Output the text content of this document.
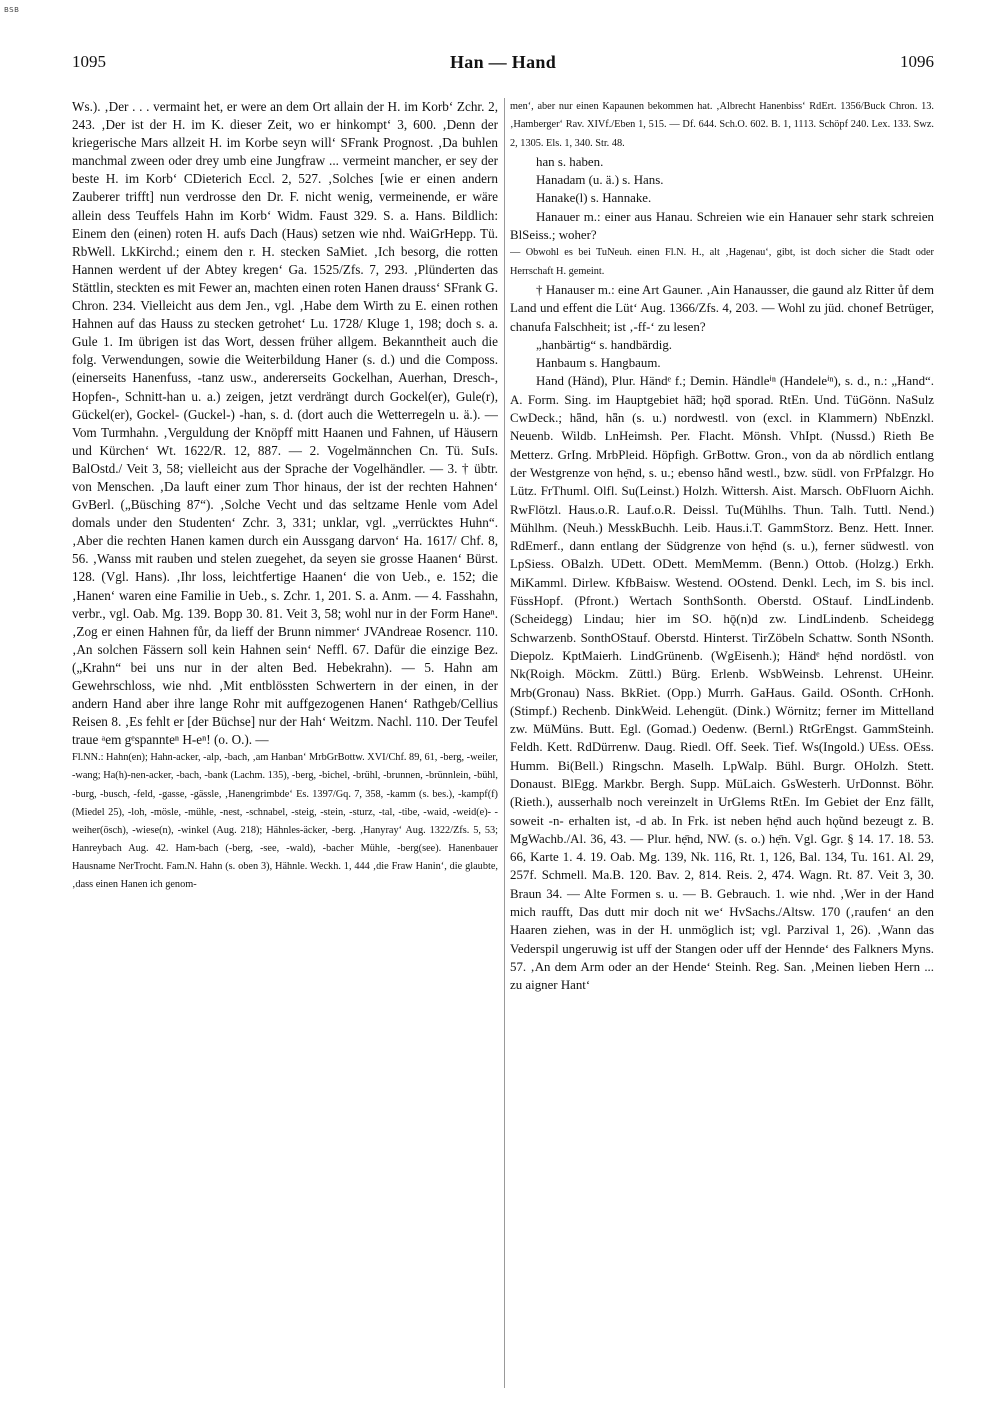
BSB
1095	Han — Hand	1096

Ws.). ‚Der . . . vermaint het, er were an dem Ort allain der H. im Korb‘ Zchr. 2, 243. ‚Der ist der H. im K. dieser Zeit, wo er hinkompt‘ 3, 600. ‚Denn der kriegerische Mars allzeit H. im Korbe seyn will‘ SFrank Prognost. ‚Da buhlen manchmal zween oder drey umb eine Jungfraw ... vermeint mancher, er sey der beste H. im Korb‘ CDieterich Eccl. 2, 527. ‚Solches [wie er einen andern Zauberer trifft] nun verdrosse den Dr. F. nicht wenig, vermeinende, er wäre allein dess Teuffels Hahn im Korb‘ Widm. Faust 329. S. a. Hans. Bildlich: Einem den (einen) roten H. aufs Dach (Haus) setzen wie nhd. WaiGrHepp. Tü. RbWell. LkKirchd.; einem den r. H. stecken SaMiet. ‚Ich besorg, die rotten Hannen werdent uf der Abtey kregen‘ Ga. 1525/Zfs. 7, 293. ‚Plünderten das Stättlin, steckten es mit Fewer an, machten einen roten Hanen drauss‘ SFrank G. Chron. 234. Vielleicht aus dem Jen., vgl. ‚Habe dem Wirth zu E. einen rothen Hahnen auf das Hauss zu stecken getrohet‘ Lu. 1728/ Kluge 1, 198; doch s. a. Gule 1. Im übrigen ist das Wort, dessen früher allgem. Bekanntheit auch die folg. Verwendungen, sowie die Weiterbildung Haner (s. d.) und die Composs. (einerseits Hanenfuss, -tanz usw., andererseits Gockelhan, Auerhan, Dresch-, Hopfen-, Schnitt-han u. a.) zeigen, jetzt verdrängt durch Gockel(er), Gule(r), Gückel(er), Gockel- (Guckel-) -han, s. d. (dort auch die Wetterregeln u. ä.). — Vom Turmhahn. ‚Verguldung der Knöpff mitt Haanen und Fahnen, uf Häusern und Kürchen‘ Wt. 1622/R. 12, 887. — 2. Vogelmännchen Cn. Tü. SuIs. BalOstd./ Veit 3, 58; vielleicht aus der Sprache der Vogelhändler. — 3. † übtr. von Menschen. ‚Da lauft einer zum Thor hinaus, der ist der rechten Hahnen‘ GvBerl. („Büsching 87“). ‚Solche Vecht und das seltzame Henle vom Adel domals under den Studenten‘ Zchr. 3, 331; unklar, vgl. „verrücktes Huhn“. ‚Aber die rechten Hanen kamen durch ein Aussgang darvon‘ Ha. 1617/ Chf. 8, 56. ‚Wanss mit rauben und stelen zuegehet, da seyen sie grosse Haanen‘ Bürst. 128. (Vgl. Hans). ‚Ihr loss, leichtfertige Haanen‘ die von Ueb., e. 152; die ‚Hanen‘ waren eine Familie in Ueb., s. Zchr. 1, 201. S. a. Anm. — 4. Fasshahn, verbr., vgl. Oab. Mg. 139. Bopp 30. 81. Veit 3, 58; wohl nur in der Form Haneⁿ. ‚Zog er einen Hahnen fůr, da lieff der Brunn nimmer‘ JVAndreae Rosencr. 110. ‚An solchen Fässern soll kein Hahnen sein‘ Neffl. 67. Dafür die einzige Bez. („Krahn“ bei uns nur in der alten Bed. Hebekrahn). — 5. Hahn am Gewehrschloss, wie nhd. ‚Mit entblössten Schwertern in der einen, in der andern Hand aber ihre lange Rohr mit auffgezogenen Hanen‘ Rathgeb/Cellius Reisen 8. ‚Es fehlt er [der Büchse] nur der Hah‘ Weitzm. Nachl. 110. Der Teufel traue ᵃem gᵉspannteⁿ H-eⁿ! (o. O.). —

Fl.NN.: Hahn(en); Hahn-acker, -alp, -bach, ‚am Hanban‘ MrbGrBottw. XVI/Chf. 89, 61, -berg, -weiler, -wang; Ha(h)-nen-acker, -bach, -bank (Lachm. 135), -berg, -bichel, -brühl, -brunnen, -brünnlein, -bühl, -burg, -busch, -feld, -gasse, -gässle, ‚Hanengrimbde‘ Es. 1397/Gq. 7, 358, -kamm (s. bes.), -kampf(f) (Miedel 25), -loh, -mösle, -mühle, -nest, -schnabel, -steig, -stein, -sturz, -tal, -tibe, -waid, -weid(e)- -weiher(ösch), -wiese(n), -winkel (Aug. 218); Hähnles-äcker, -berg. ‚Hanyray‘ Aug. 1322/Zfs. 5, 53; Hanreybach Aug. 42. Ham-bach (-berg, -see, -wald), -bacher Mühle, -berg(see). Hanenbauer Hausname NerTrocht. Fam.N. Hahn (s. oben 3), Hähnle. Weckh. 1, 444 ‚die Fraw Hanin‘, die glaubte, ‚dass einen Hanen ich genom-

men‘, aber nur einen Kapaunen bekommen hat. ‚Albrecht Hanenbiss‘ RdErt. 1356/Buck Chron. 13. ‚Hamberger‘ Rav. XIVf./Eben 1, 515. — Df. 644. Sch.O. 602. B. 1, 1113. Schöpf 240. Lex. 133. Swz. 2, 1305. Els. 1, 340. Str. 48.

han s. haben.

Hanadam (u. ä.) s. Hans.

Hanake(l) s. Hannake.

Hanauer m.: einer aus Hanau. Schreien wie ein Hanauer sehr stark schreien BlSeiss.; woher?

— Obwohl es bei TuNeuh. einen Fl.N. H., alt ‚Hagenau‘, gibt, ist doch sicher die Stadt oder Herrschaft H. gemeint.

† Hanauser m.: eine Art Gauner. ‚Ain Hanausser, die gaund alz Ritter ůf dem Land und effent die Lüt‘ Aug. 1366/Zfs. 4, 203. — Wohl zu jüd. chonef Betrüger, chanufa Falschheit; ist ‚-ff-‘ zu lesen?

„hanbärtig“ s. handbärdig.

Hanbaum s. Hangbaum.

Hand (Händ), Plur. Händᵉ f.; Demin. Händleⁱⁿ (Handeleⁱⁿ), s. d., n.: „Hand“. A. Form. Sing. im Hauptgebiet hā̃d; hǫ̃d sporad. RtEn. Und. TüGönn. NaSulz CwDeck.; hǟnd, hǟn (s. u.) nordwestl. von (excl. in Klammern) NbEnzkl. Neuenb. Wildb. LnHeimsh. Per. Flacht. Mönsh. VhIpt. (Nussd.) Rieth Be Metterz. GrIng. MrbPleid. Höpfigh. GrBottw. Gron., von da ab nördlich entlang der Westgrenze von hẹ̄nd, s. u.; ebenso hǟnd westl., bzw. südl. von FrPfalzgr. Ho Lütz. FrThuml. Olfl. Su(Leinst.) Holzh. Wittersh. Aist. Marsch. ObFluorn Aichh. RwFlötzl. Haus.o.R. Lauf.o.R. Deissl. Tu(Mühlhs. Thun. Talh. Tuttl. Nend.) Mühlhm. (Neuh.) MesskBuchh. Leib. Haus.i.T. GammStorz. Benz. Hett. Inner. RdEmerf., dann entlang der Südgrenze von hẹ̄nd (s. u.), ferner südwestl. von LpSiess. OBalzh. UDett. ODett. MemMemm. (Benn.) Ottob. (Holzg.) Erkh. MiKamml. Dirlew. KfbBaisw. Westend. OOstend. Denkl. Lech, im S. bis incl. FüssHopf. (Pfront.) Wertach SonthSonth. Oberstd. OStauf. LindLindenb. (Scheidegg) Lindau; hier im SO. hǭ(n)d zw. LindLindenb. Scheidegg Schwarzenb. SonthOStauf. Oberstd. Hinterst. TirZöbeln Schattw. Sonth NSonth. Diepolz. KptMaierh. LindGrünenb. (WgEisenh.); Händᵉ hẹ̄nd nordöstl. von Nk(Roigh. Möckm. Züttl.) Bürg. Erlenb. WsbWeinsb. Lehrenst. UHeinr. Mrb(Gronau) Nass. BkRiet. (Opp.) Murrh. GaHaus. Gaild. OSonth. CrHonh. (Stimpf.) Rechenb. DinkWeid. Lehengüt. (Dink.) Wörnitz; ferner im Mittelland zw. MüMüns. Butt. Egl. (Gomad.) Oedenw. (Bernl.) RtGrEngst. GammSteinh. Feldh. Kett. RdDürrenw. Daug. Riedl. Off. Seek. Tief. Ws(Ingold.) UEss. OEss. Humm. Bi(Bell.) Ringschn. Maselh. LpWalp. Bühl. Burgr. OHolzh. Stett. Donaust. BlEgg. Markbr. Bergh. Supp. MüLaich. GsWesterh. UrDonnst. Böhr. (Rieth.), ausserhalb noch vereinzelt in UrGlems RtEn. Im Gebiet der Enz fällt, soweit -n- erhalten ist, -d ab. In Frk. ist neben hẹ̄nd auch hǫ̃und bezeugt z. B. MgWachb./Al. 36, 43. — Plur. hẹ̄nd, NW. (s. o.) hẹ̄n. Vgl. Ggr. § 14. 17. 18. 53. 66, Karte 1. 4. 19. Oab. Mg. 139, Nk. 116, Rt. 1, 126, Bal. 134, Tu. 161. Al. 29, 257f. Schmell. Ma.B. 120. Bav. 2, 814. Reis. 2, 474. Wagn. Rt. 87. Veit 3, 30. Braun 34. — Alte Formen s. u. — B. Gebrauch. 1. wie nhd. ‚Wer in der Hand mich raufft, Das dutt mir doch nit we‘ HvSachs./Altsw. 170 (‚raufen‘ an den Haaren ziehen, was in der H. unmöglich ist; vgl. Parzival 1, 26). ‚Wann das Vederspil ungeruwig ist uff der Stangen oder uff der Hennde‘ des Falkners Myns. 57. ‚An dem Arm oder an der Hende‘ Steinh. Reg. San. ‚Meinen lieben Hern ... zu aigner Hant‘
